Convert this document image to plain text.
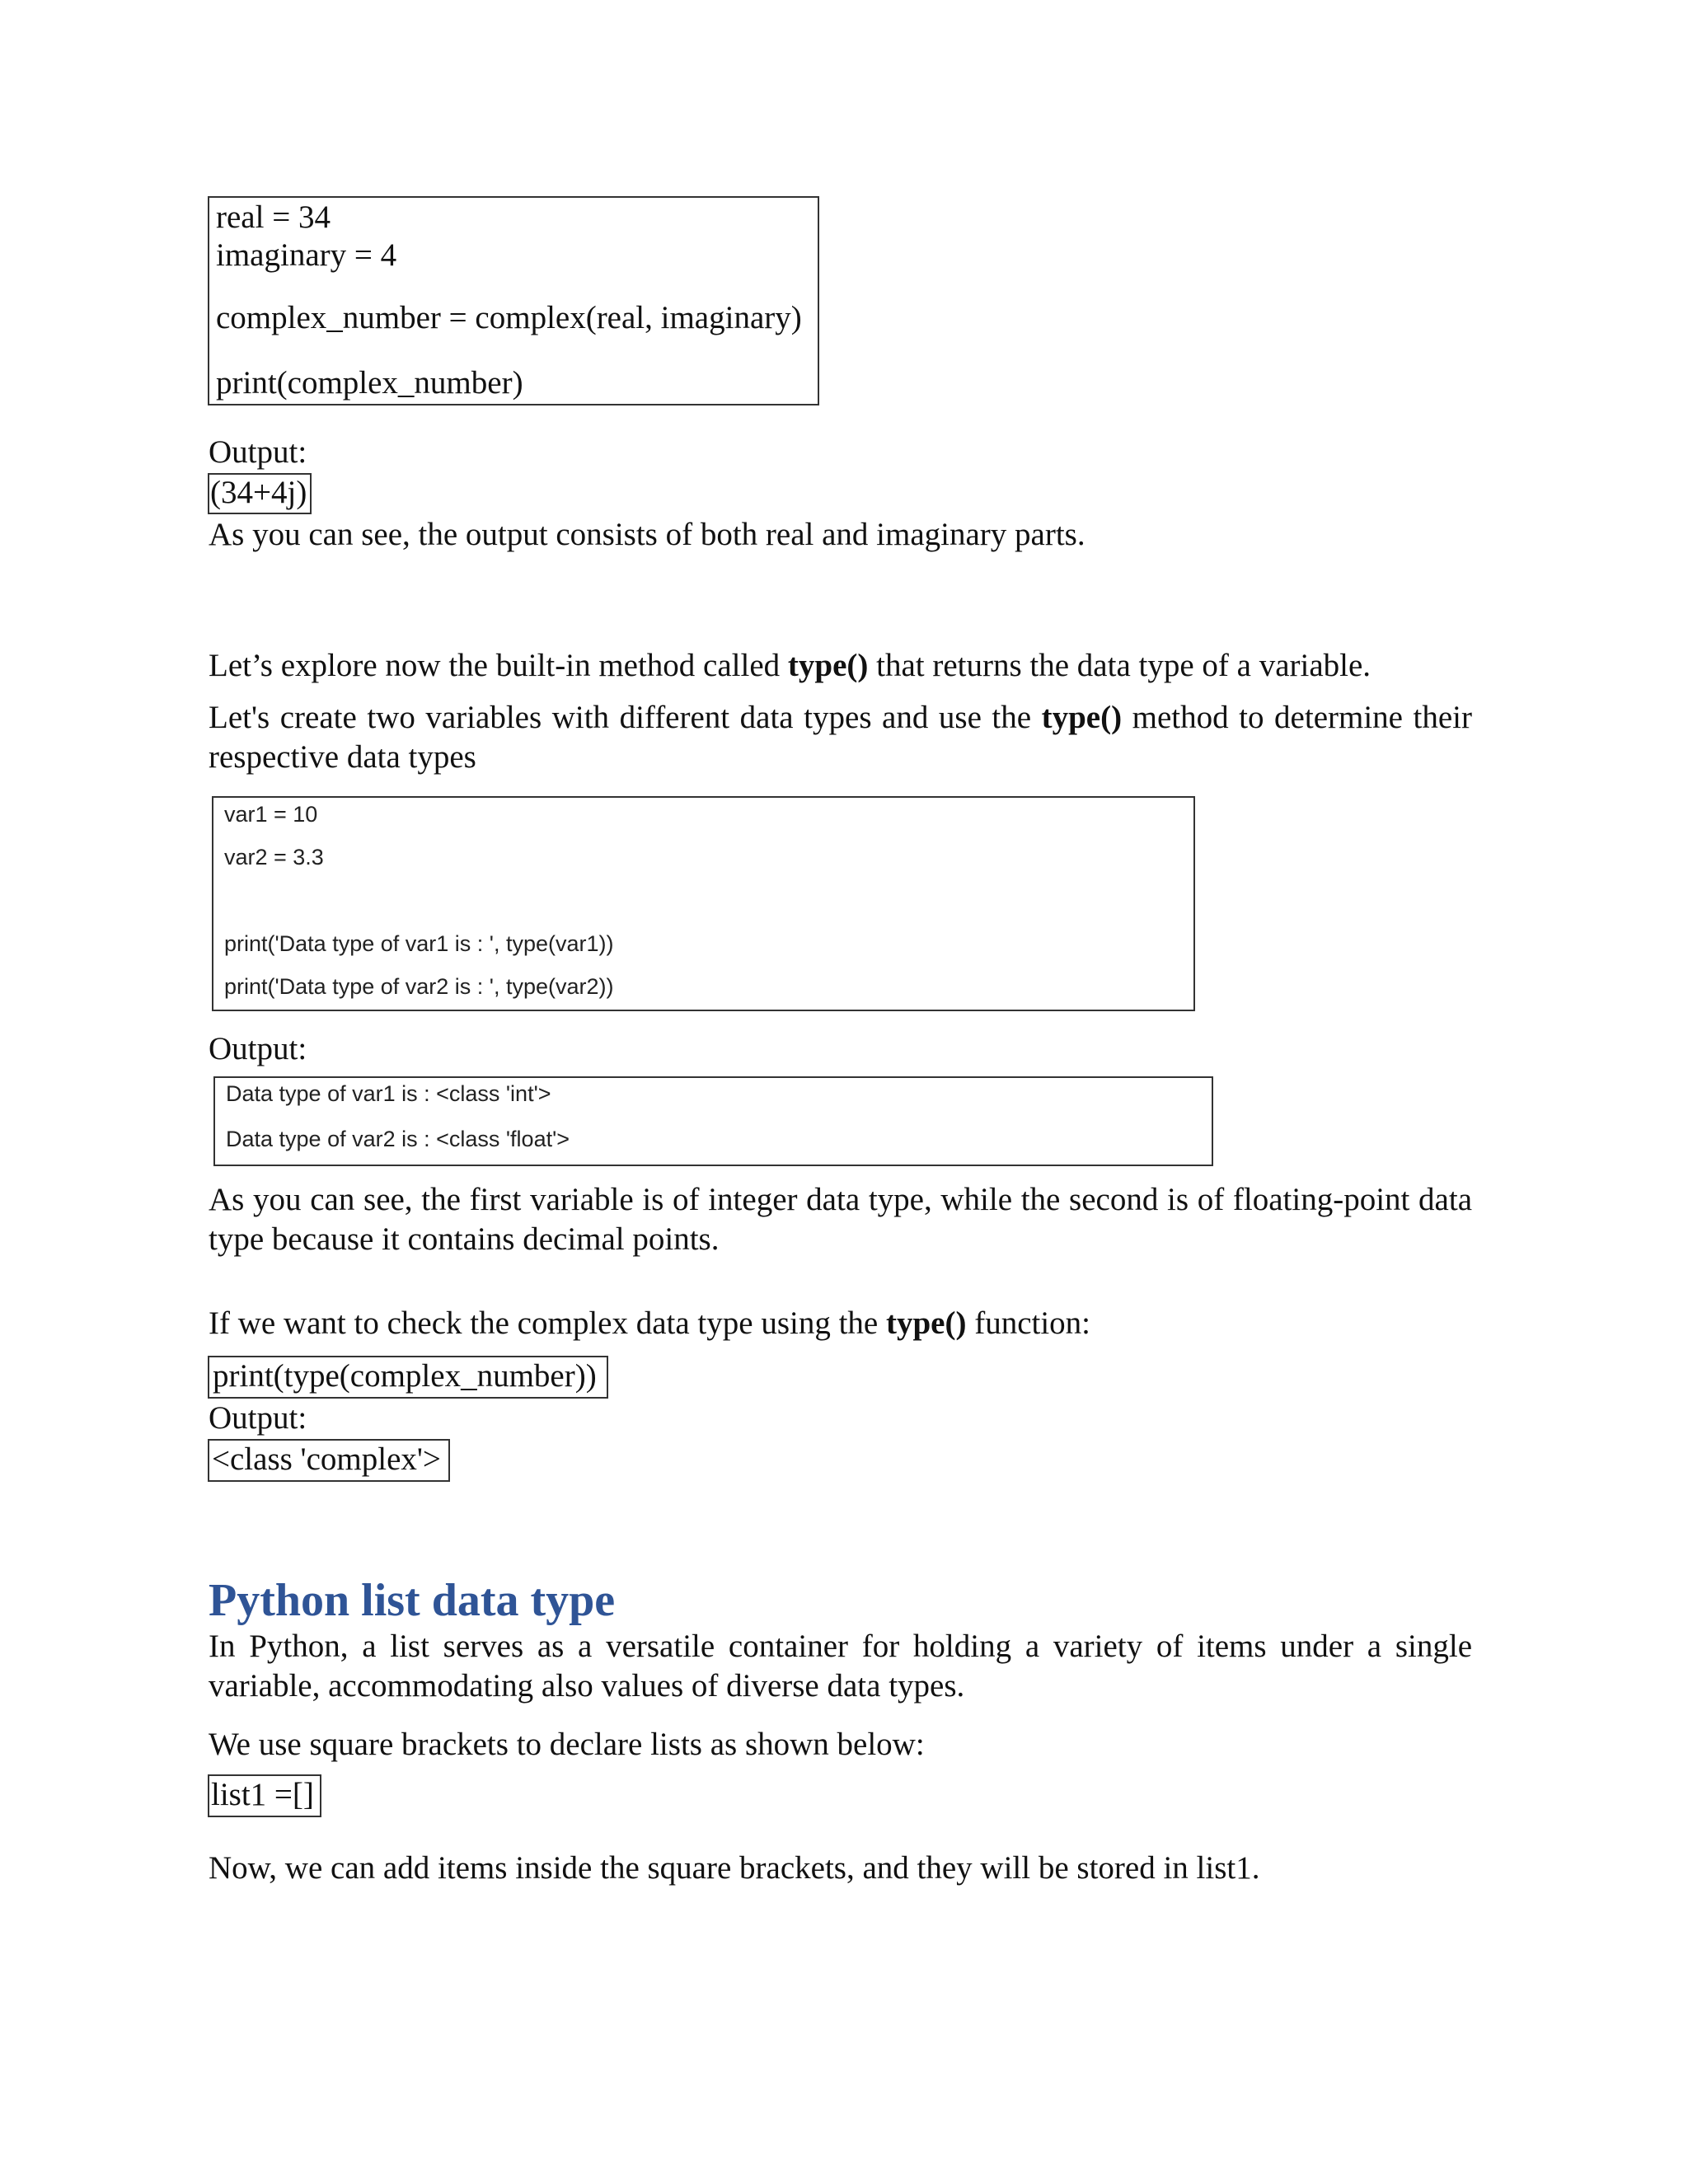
real = 34
imaginary = 4
complex_number = complex(real, imaginary)
print(complex_number)
Output:
(34+4j)
As you can see, the output consists of both real and imaginary parts.
Let’s explore now the built-in method called type() that returns the data type of a variable.
Let's create two variables with different data types and use the type() method to determine their respective data types
var1 = 10
var2 = 3.3
print('Data type of var1 is : ', type(var1))
print('Data type of var2 is : ', type(var2))
Output:
Data type of var1 is : <class 'int'>
Data type of var2 is : <class 'float'>
As you can see, the first variable is of integer data type, while the second is of floating-point data type because it contains decimal points.
If we want to check the complex data type using the type() function:
print(type(complex_number))
Output:
<class 'complex'>
Python list data type
In Python, a list serves as a versatile container for holding a variety of items under a single variable, accommodating also values of diverse data types.
We use square brackets to declare lists as shown below:
list1 =[]
Now, we can add items inside the square brackets, and they will be stored in list1.
